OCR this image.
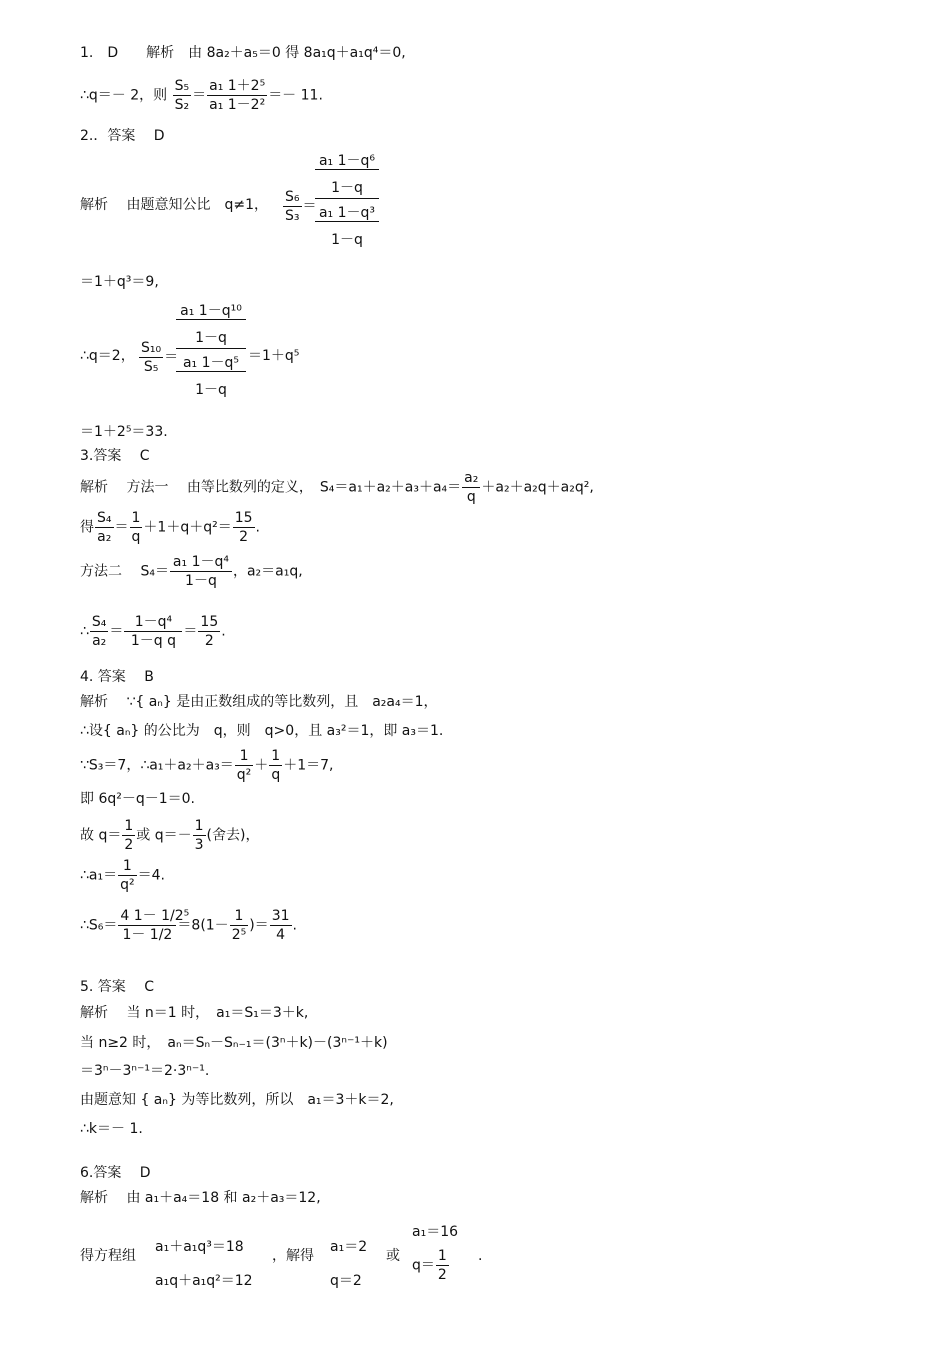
1.　D　　解析　由 8a₂＋a₅＝0 得 8a₁q＋a₁q⁴＝0,
∴q＝－ 2，则 $\frac{\text{S₅}}{\text{S₂}} = \frac{\text{a₁ 1＋2⁵}}{\text{a₁ 1－2²}} =- 11$.
2.．答案　 D
解析　 由题意知公比　q≠1， $\frac{\text{S₆}}{\text{S₃}}$ ＝
a₁ 1－q⁶
1－q
a₁ 1－q³
1－q
＝1＋q³＝9,
∴q＝2， $\frac{\text{S₁₀}}{\text{S₅}}$ ＝
a₁ 1－q¹⁰
1－q
a₁ 1－q⁵
1－q
＝1＋q⁵
＝1＋2⁵＝33.
3.答案　 C
解析　 方法一　 由等比数列的定义，　$S_4=a_1+a_2+a_3+a_4= \frac{\text{a₂}}{q} +a_2+a_2q+a_2q^2$,
得 $\frac{\text{S₄}}{\text{a₂}} = \frac{1}{q} +1+q+q^2= \frac{15}{2}$ .
方法二　 $S_4= \frac{\text{a₁ 1－q⁴}}{1-q}$ ，a₂＝a₁q,
∴ $\frac{\text{S₄}}{\text{a₂}} = \frac{\text{1－q⁴}}{\text{1－q q}} = \frac{15}{2}$ .
4. 答案　 B
解析　 ∵{ aₙ} 是由正数组成的等比数列，且　a₂a₄＝1，
∴设{ aₙ} 的公比为　q，则　q>0，且 a₃²＝1，即 a₃＝1.
∵S₃＝7，∴a₁＋a₂＋a₃＝ $\frac{1}{\text{q²}} + \frac{1}{q} +1=7$,
即 6q²－q－1＝0.
故 $q= \frac{1}{2}$ 或 $q=- \frac{1}{3}$ (舍去)，
∴a₁＝ $\frac{1}{\text{q²}} =4$.
∴S₆＝ $\frac{\text{4 1－ 1/2⁵}}{1- 1/2} =8(1- \frac{1}{\text{2⁵}}$ )＝ $\frac{31}{4}$ .
5. 答案　 C
解析　 当 n＝1 时，　a₁＝S₁＝3＋k,
当 n≥2 时，　aₙ＝Sₙ－Sₙ₋₁＝(3ⁿ＋k)－(3ⁿ⁻¹＋k)
＝3ⁿ－3ⁿ⁻¹＝2·3ⁿ⁻¹.
由题意知 { aₙ} 为等比数列，所以　a₁＝3＋k＝2,
∴k＝－ 1.
6.答案　 D
解析　 由 a₁＋a₄＝18 和 a₂＋a₃＝12,
得方程组
a₁＋a₁q³＝18
a₁q＋a₁q²＝12
，解得
a₁＝2
q＝2
或
a₁＝16
$q= \frac{1}{2}$ .
